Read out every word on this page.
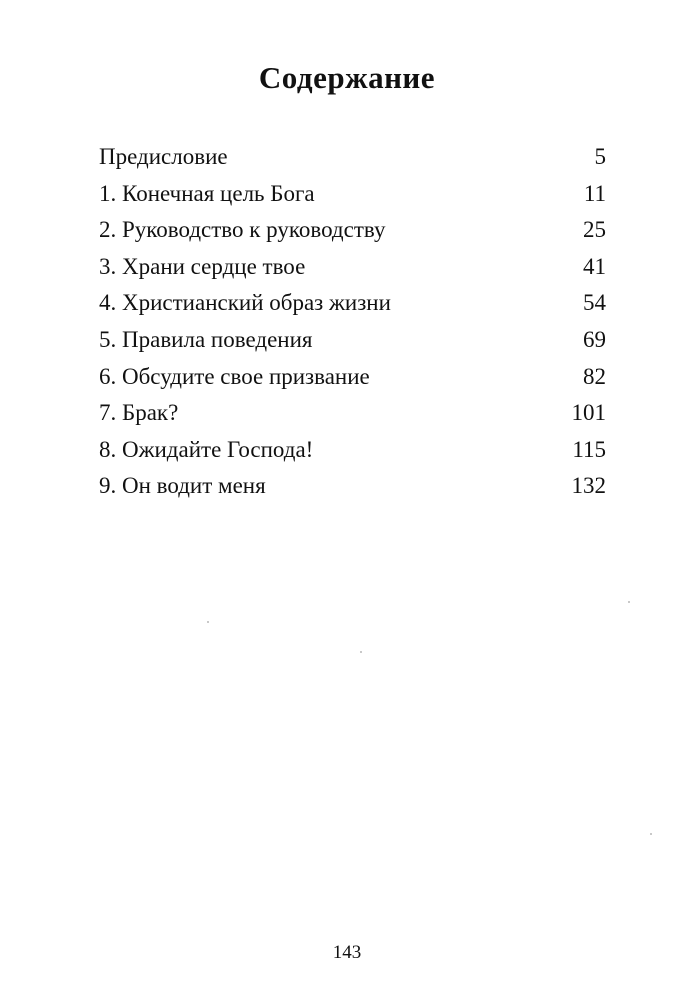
Содержание
Предисловие	5
1. Конечная цель Бога	11
2. Руководство к руководству	25
3. Храни сердце твое	41
4. Христианский образ жизни	54
5. Правила поведения	69
6. Обсудите свое призвание	82
7. Брак?	101
8. Ожидайте Господа!	115
9. Он водит меня	132
143
